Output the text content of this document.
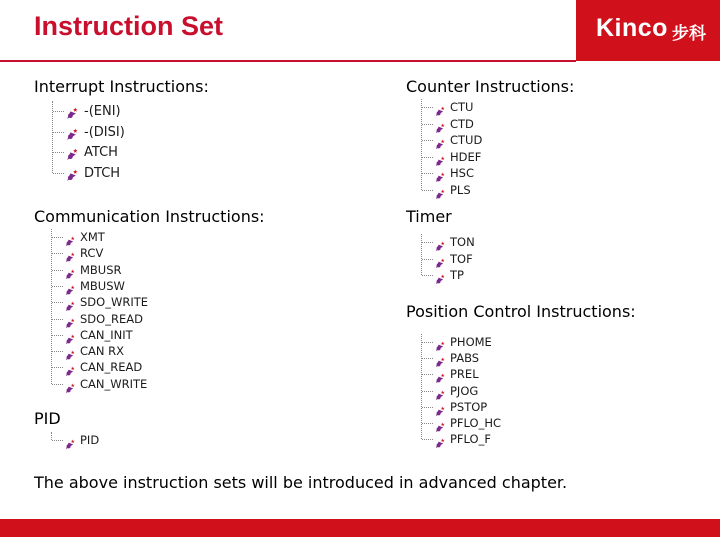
Instruction Set	Kinco 步科
Interrupt Instructions:
-(ENI)
-(DISI)
ATCH
DTCH
Counter Instructions:
CTU
CTD
CTUD
HDEF
HSC
PLS
Communication Instructions:
XMT
RCV
MBUSR
MBUSW
SDO_WRITE
SDO_READ
CAN_INIT
CAN RX
CAN_READ
CAN_WRITE
Timer
TON
TOF
TP
Position Control Instructions:
PHOME
PABS
PREL
PJOG
PSTOP
PFLO_HC
PFLO_F
PID
PID
The above instruction sets will be introduced in advanced chapter.
